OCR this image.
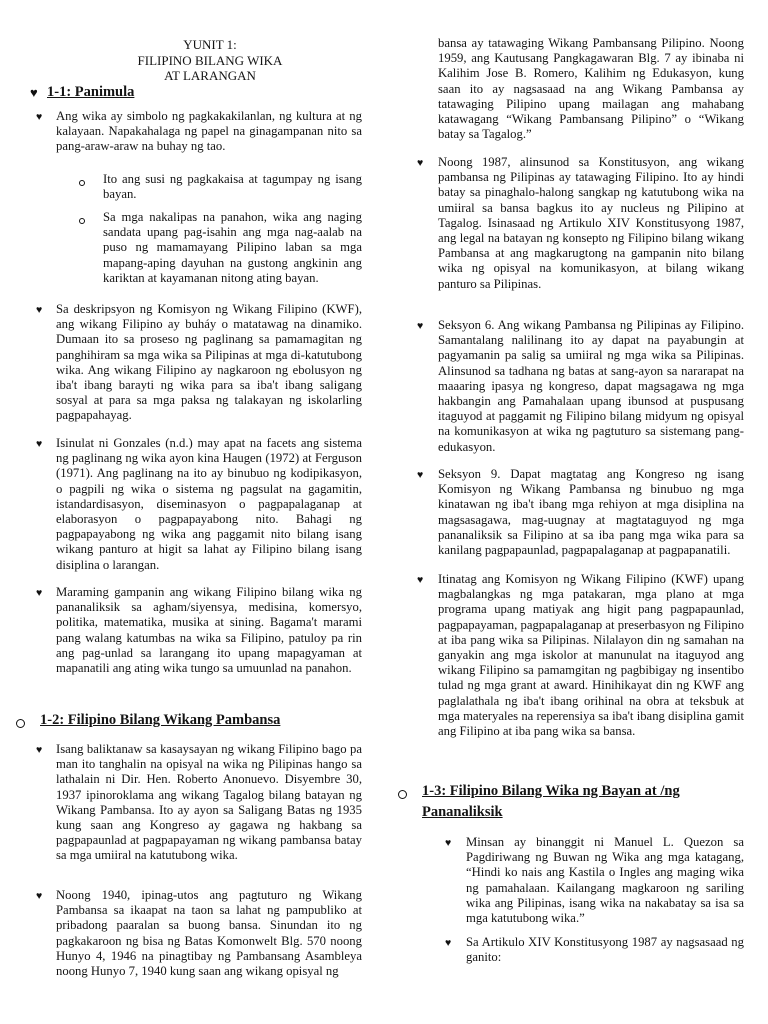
YUNIT 1:
FILIPINO BILANG WIKA
AT LARANGAN
♥ 1-1: Panimula
♥ Ang wika ay simbolo ng pagkakakilanlan, ng kultura at ng kalayaan. Napakahalaga ng papel na ginagampanan nito sa pang-araw-araw na buhay ng tao.
Ito ang susi ng pagkakaisa at tagumpay ng isang bayan.
Sa mga nakalipas na panahon, wika ang naging sandata upang pag-isahin ang mga nag-aalab na puso ng mamamayang Pilipino laban sa mga mapang-aping dayuhan na gustong angkinin ang kariktan at kayamanan nitong ating bayan.
♥ Sa deskripsyon ng Komisyon ng Wikang Filipino (KWF), ang wikang Filipino ay buháy o matatawag na dinamiko. Dumaan ito sa proseso ng paglinang sa pamamagitan ng panghihiram sa mga wika sa Pilipinas at mga di-katutubong wika. Ang wikang Filipino ay nagkaroon ng ebolusyon ng iba't ibang barayti ng wika para sa iba't ibang saligang sosyal at para sa mga paksa ng talakayan ng iskolarling pagpapahayag.
♥ Isinulat ni Gonzales (n.d.) may apat na facets ang sistema ng paglinang ng wika ayon kina Haugen (1972) at Ferguson (1971). Ang paglinang na ito ay binubuo ng kodipikasyon, o pagpili ng wika o sistema ng pagsulat na gagamitin, istandardisasyon, diseminasyon o pagpapalaganap at elaborasyon o pagpapayabong nito. Bahagi ng pagpapayabong ng wika ang paggamit nito bilang isang wikang panturo at higit sa lahat ay Filipino bilang isang disiplina o larangan.
♥ Maraming gampanin ang wikang Filipino bilang wika ng pananaliksik sa agham/siyensya, medisina, komersyo, politika, matematika, musika at sining. Bagama't marami pang walang katumbas na wika sa Filipino, patuloy pa rin ang pag-unlad sa larangang ito upang mapagyaman at mapanatili ang ating wika tungo sa umuunlad na panahon.
1-2: Filipino Bilang Wikang Pambansa
♥ Isang baliktanaw sa kasaysayan ng wikang Filipino bago pa man ito tanghalin na opisyal na wika ng Pilipinas hango sa lathalain ni Dir. Hen. Roberto Anonuevo. Disyembre 30, 1937 ipinoroklama ang wikang Tagalog bilang batayan ng Wikang Pambansa. Ito ay ayon sa Saligang Batas ng 1935 kung saan ang Kongreso ay gagawa ng hakbang sa pagpapaunlad at pagpapayaman ng wikang pambansa batay sa mga umiiral na katutubong wika.
♥ Noong 1940, ipinag-utos ang pagtuturo ng Wikang Pambansa sa ikaapat na taon sa lahat ng pampubliko at pribadong paaralan sa buong bansa. Sinundan ito ng pagkakaroon ng bisa ng Batas Komonwelt Blg. 570 noong Hunyo 4, 1946 na pinagtibay ng Pambansang Asambleya noong Hunyo 7, 1940 kung saan ang wikang opisyal ng
bansa ay tatawaging Wikang Pambansang Pilipino. Noong 1959, ang Kautusang Pangkagawaran Blg. 7 ay ibinaba ni Kalihim Jose B. Romero, Kalihim ng Edukasyon, kung saan ito ay nagsasaad na ang Wikang Pambansa ay tatawaging Pilipino upang mailagan ang mahabang katawagang “Wikang Pambansang Pilipino” o “Wikang batay sa Tagalog.”
♥ Noong 1987, alinsunod sa Konstitusyon, ang wikang pambansa ng Pilipinas ay tatawaging Filipino. Ito ay hindi batay sa pinaghalo-halong sangkap ng katutubong wika na umiiral sa bansa bagkus ito ay nucleus ng Pilipino at Tagalog. Isinasaad ng Artikulo XIV Konstitusyong 1987, ang legal na batayan ng konsepto ng Filipino bilang wikang Pambansa at ang magkarugtong na gampanin nito bilang wika ng opisyal na komunikasyon, at bilang wikang panturo sa Pilipinas.
♥ Seksyon 6. Ang wikang Pambansa ng Pilipinas ay Filipino. Samantalang nalilinang ito ay dapat na payabungin at pagyamanin pa salig sa umiiral ng mga wika sa Pilipinas. Alinsunod sa tadhana ng batas at sang-ayon sa nararapat na maaaring ipasya ng kongreso, dapat magsagawa ng mga hakbangin ang Pamahalaan upang ibunsod at puspusang itaguyod at paggamit ng Filipino bilang midyum ng opisyal na komunikasyon at wika ng pagtuturo sa sistemang pang-edukasyon.
♥ Seksyon 9. Dapat magtatag ang Kongreso ng isang Komisyon ng Wikang Pambansa ng binubuo ng mga kinatawan ng iba't ibang mga rehiyon at mga disiplina na magsasagawa, mag-uugnay at magtataguyod ng mga pananaliksik sa Filipino at sa iba pang mga wika para sa kanilang pagpapaunlad, pagpapalaganap at pagpapanatili.
♥ Itinatag ang Komisyon ng Wikang Filipino (KWF) upang magbalangkas ng mga patakaran, mga plano at mga programa upang matiyak ang higit pang pagpapaunlad, pagpapayaman, pagpapalaganap at preserbasyon ng Filipino at iba pang wika sa Pilipinas. Nilalayon din ng samahan na ganyakin ang mga iskolor at manunulat na itaguyod ang wikang Filipino sa pamamgitan ng pagbibigay ng insentibo tulad ng mga grant at award. Hinihikayat din ng KWF ang paglalathala ng iba't ibang orihinal na obra at teksbuk at mga materyales na reperensiya sa iba't ibang disiplina gamit ang Filipino at iba pang wika sa bansa.
1-3: Filipino Bilang Wika ng Bayan at /ng
Pananaliksik
♥ Minsan ay binanggit ni Manuel L. Quezon sa Pagdiriwang ng Buwan ng Wika ang mga katagang, “Hindi ko nais ang Kastila o Ingles ang maging wika ng pamahalaan. Kailangang magkaroon ng sariling wika ang Pilipinas, isang wika na nakabatay sa isa sa mga katutubong wika.”
♥ Sa Artikulo XIV Konstitusyong 1987 ay nagsasaad ng ganito:
